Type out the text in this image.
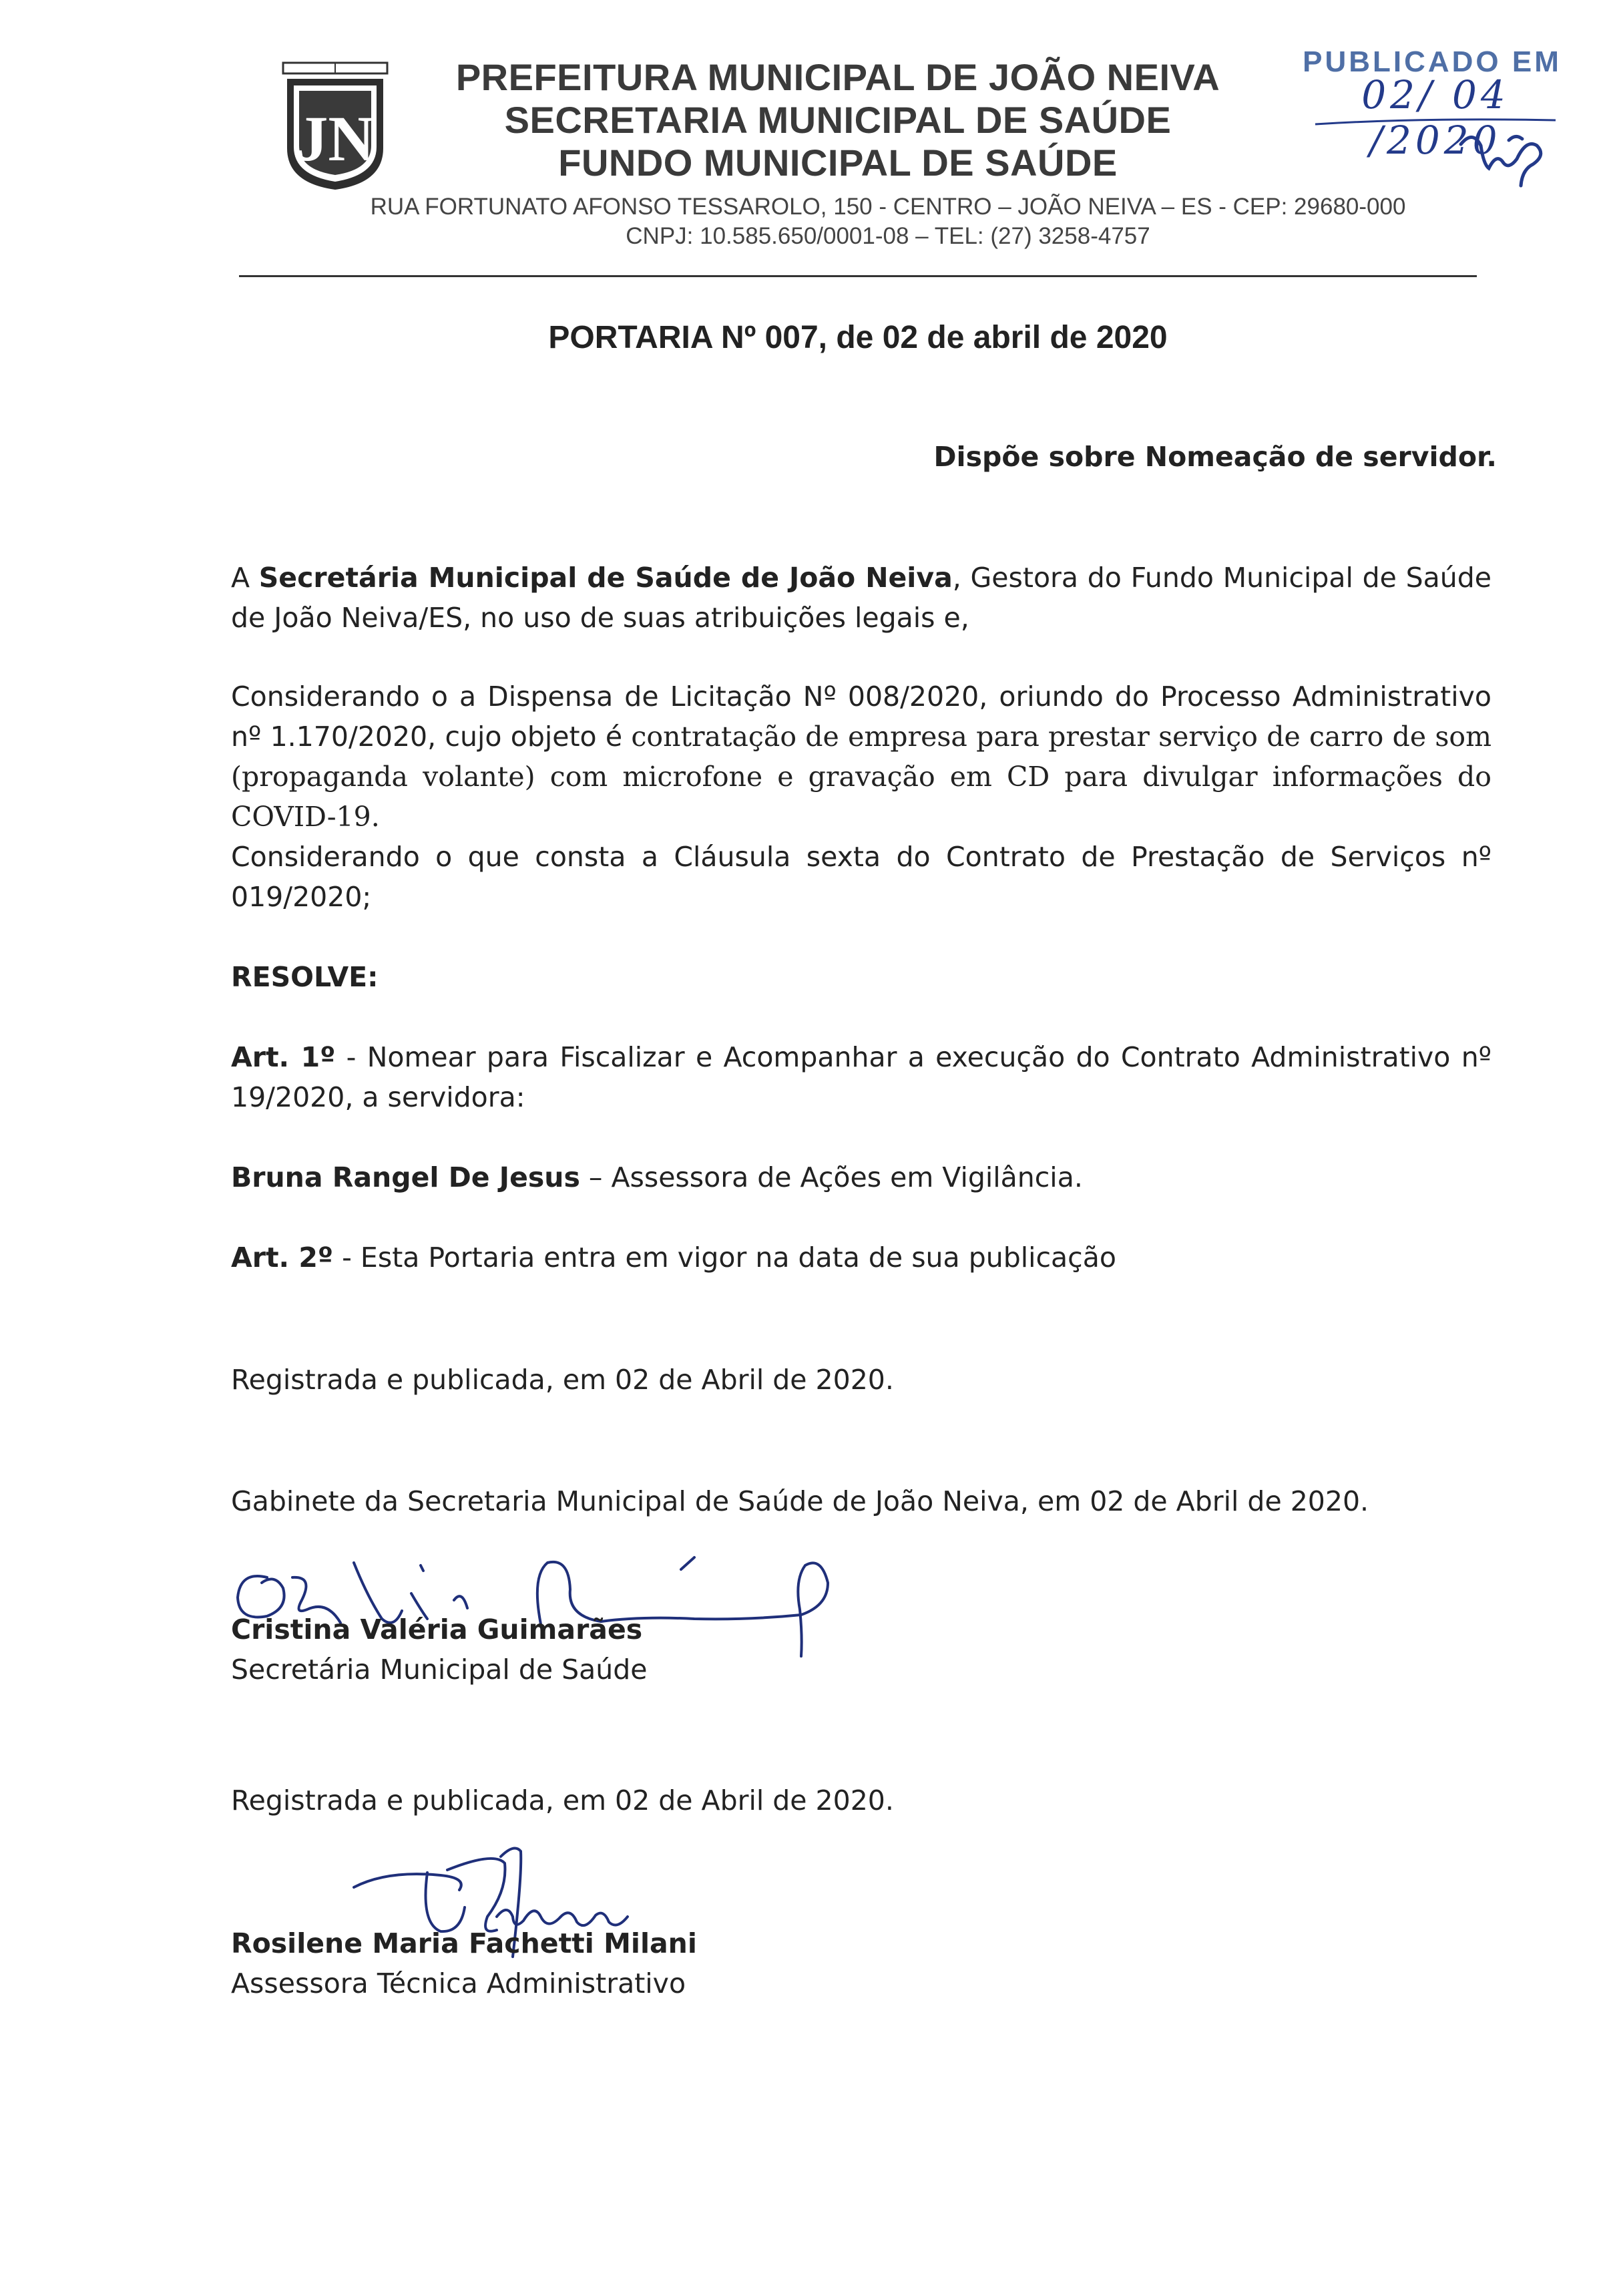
JN
PREFEITURA MUNICIPAL DE JOÃO NEIVA
SECRETARIA MUNICIPAL DE SAÚDE
FUNDO MUNICIPAL DE SAÚDE
RUA FORTUNATO AFONSO TESSAROLO, 150 - CENTRO – JOÃO NEIVA – ES - CEP: 29680-000
CNPJ: 10.585.650/0001-08 – TEL: (27) 3258-4757
PUBLICADO EM
02/ 04 /2020
PORTARIA Nº 007, de 02 de abril de 2020
Dispõe sobre Nomeação de servidor.
A Secretária Municipal de Saúde de João Neiva, Gestora do Fundo Municipal de Saúde de João Neiva/ES, no uso de suas atribuições legais e,
Considerando o a Dispensa de Licitação Nº 008/2020, oriundo do Processo Administrativo nº 1.170/2020, cujo objeto é contratação de empresa para prestar serviço de carro de som (propaganda volante) com microfone e gravação em CD para divulgar informações do COVID-19.
Considerando o que consta a Cláusula sexta do Contrato de Prestação de Serviços nº 019/2020;
RESOLVE:
Art. 1º - Nomear para Fiscalizar e Acompanhar a execução do Contrato Administrativo nº 19/2020, a servidora:
Bruna Rangel De Jesus – Assessora de Ações em Vigilância.
Art. 2º - Esta Portaria entra em vigor na data de sua publicação
Registrada e publicada, em 02 de Abril de 2020.
Gabinete da Secretaria Municipal de Saúde de João Neiva, em 02 de Abril de 2020.
Cristina Valéria Guimarães
Secretária Municipal de Saúde
Registrada e publicada, em 02 de Abril de 2020.
Rosilene Maria Fachetti Milani
Assessora Técnica Administrativo
